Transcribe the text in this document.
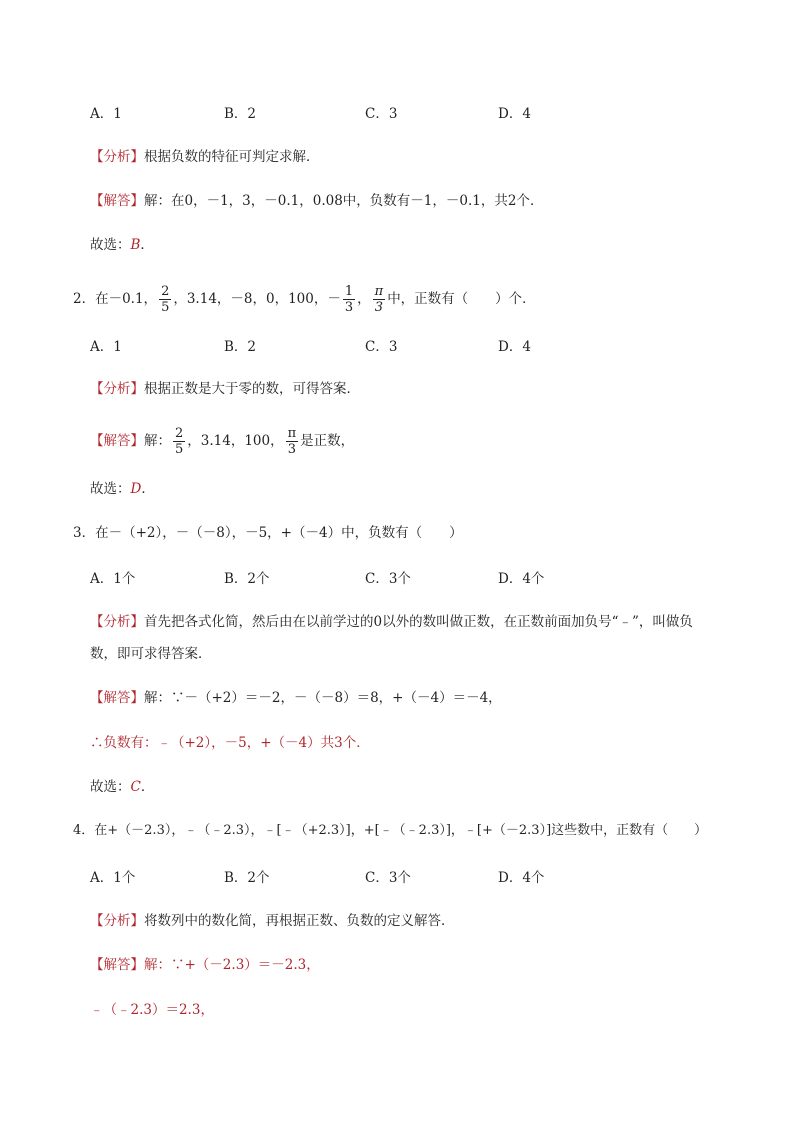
A．1	B．2	C．3	D．4
【分析】根据负数的特征可判定求解．
【解答】解：在0，－1，3，－0.1，0.08中，负数有－1，－0.1，共2个．
故选：B．
2．在－0.1， $\frac{2}{5}$ ，3.14，－8，0，100，－ $\frac{1}{3}$ ， $\frac{\pi}{3}$ 中，正数有（　　）个．
A．1	B．2	C．3	D．4
【分析】根据正数是大于零的数，可得答案．
【解答】解： $\frac{2}{5}$ ，3.14，100， $\frac{\pi}{3}$ 是正数，
故选：D．
3．在－（+2），－（－8），－5，+（－4）中，负数有（　　）
A．1个	B．2个	C．3个	D．4个
【分析】首先把各式化简，然后由在以前学过的0以外的数叫做正数，在正数前面加负号“﹣”，叫做负
数，即可求得答案．
【解答】解：∵－（+2）＝－2，－（－8）＝8，+（－4）＝－4，
∴负数有：﹣（+2），－5，+（－4）共3个．
故选：C．
4．在+（－2.3），﹣（﹣2.3），﹣[﹣（+2.3）]，+[﹣（﹣2.3）]，﹣[+（－2.3）]这些数中，正数有（　　）
A．1个	B．2个	C．3个	D．4个
【分析】将数列中的数化简，再根据正数、负数的定义解答．
【解答】解：∵+（－2.3）＝－2.3，
﹣（﹣2.3）＝2.3，
